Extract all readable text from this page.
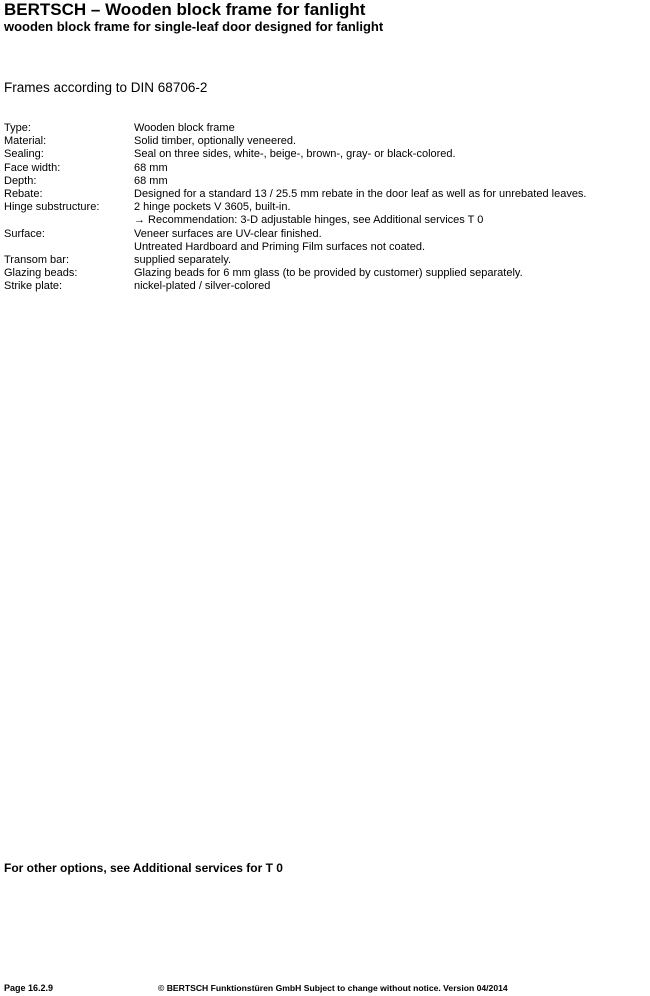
BERTSCH – Wooden block frame for fanlight
wooden block frame for single-leaf door designed for fanlight
Frames according to DIN 68706-2
Type:	Wooden block frame
Material:	Solid timber, optionally veneered.
Sealing:	Seal on three sides, white-, beige-, brown-, gray- or black-colored.
Face width:	68 mm
Depth:	68 mm
Rebate:	Designed for a standard 13 / 25.5 mm rebate in the door leaf as well as for unrebated leaves.
Hinge substructure:	2 hinge pockets V 3605, built-in.
→ Recommendation: 3-D adjustable hinges, see Additional services T 0
Surface:	Veneer surfaces are UV-clear finished.
Untreated Hardboard and Priming Film surfaces not coated.
Transom bar:	supplied separately.
Glazing beads:	Glazing beads for 6 mm glass (to be provided by customer) supplied separately.
Strike plate:	nickel-plated / silver-colored
For other options, see Additional services for T 0
Page 16.2.9	© BERTSCH Funktionstüren GmbH Subject to change without notice. Version 04/2014
